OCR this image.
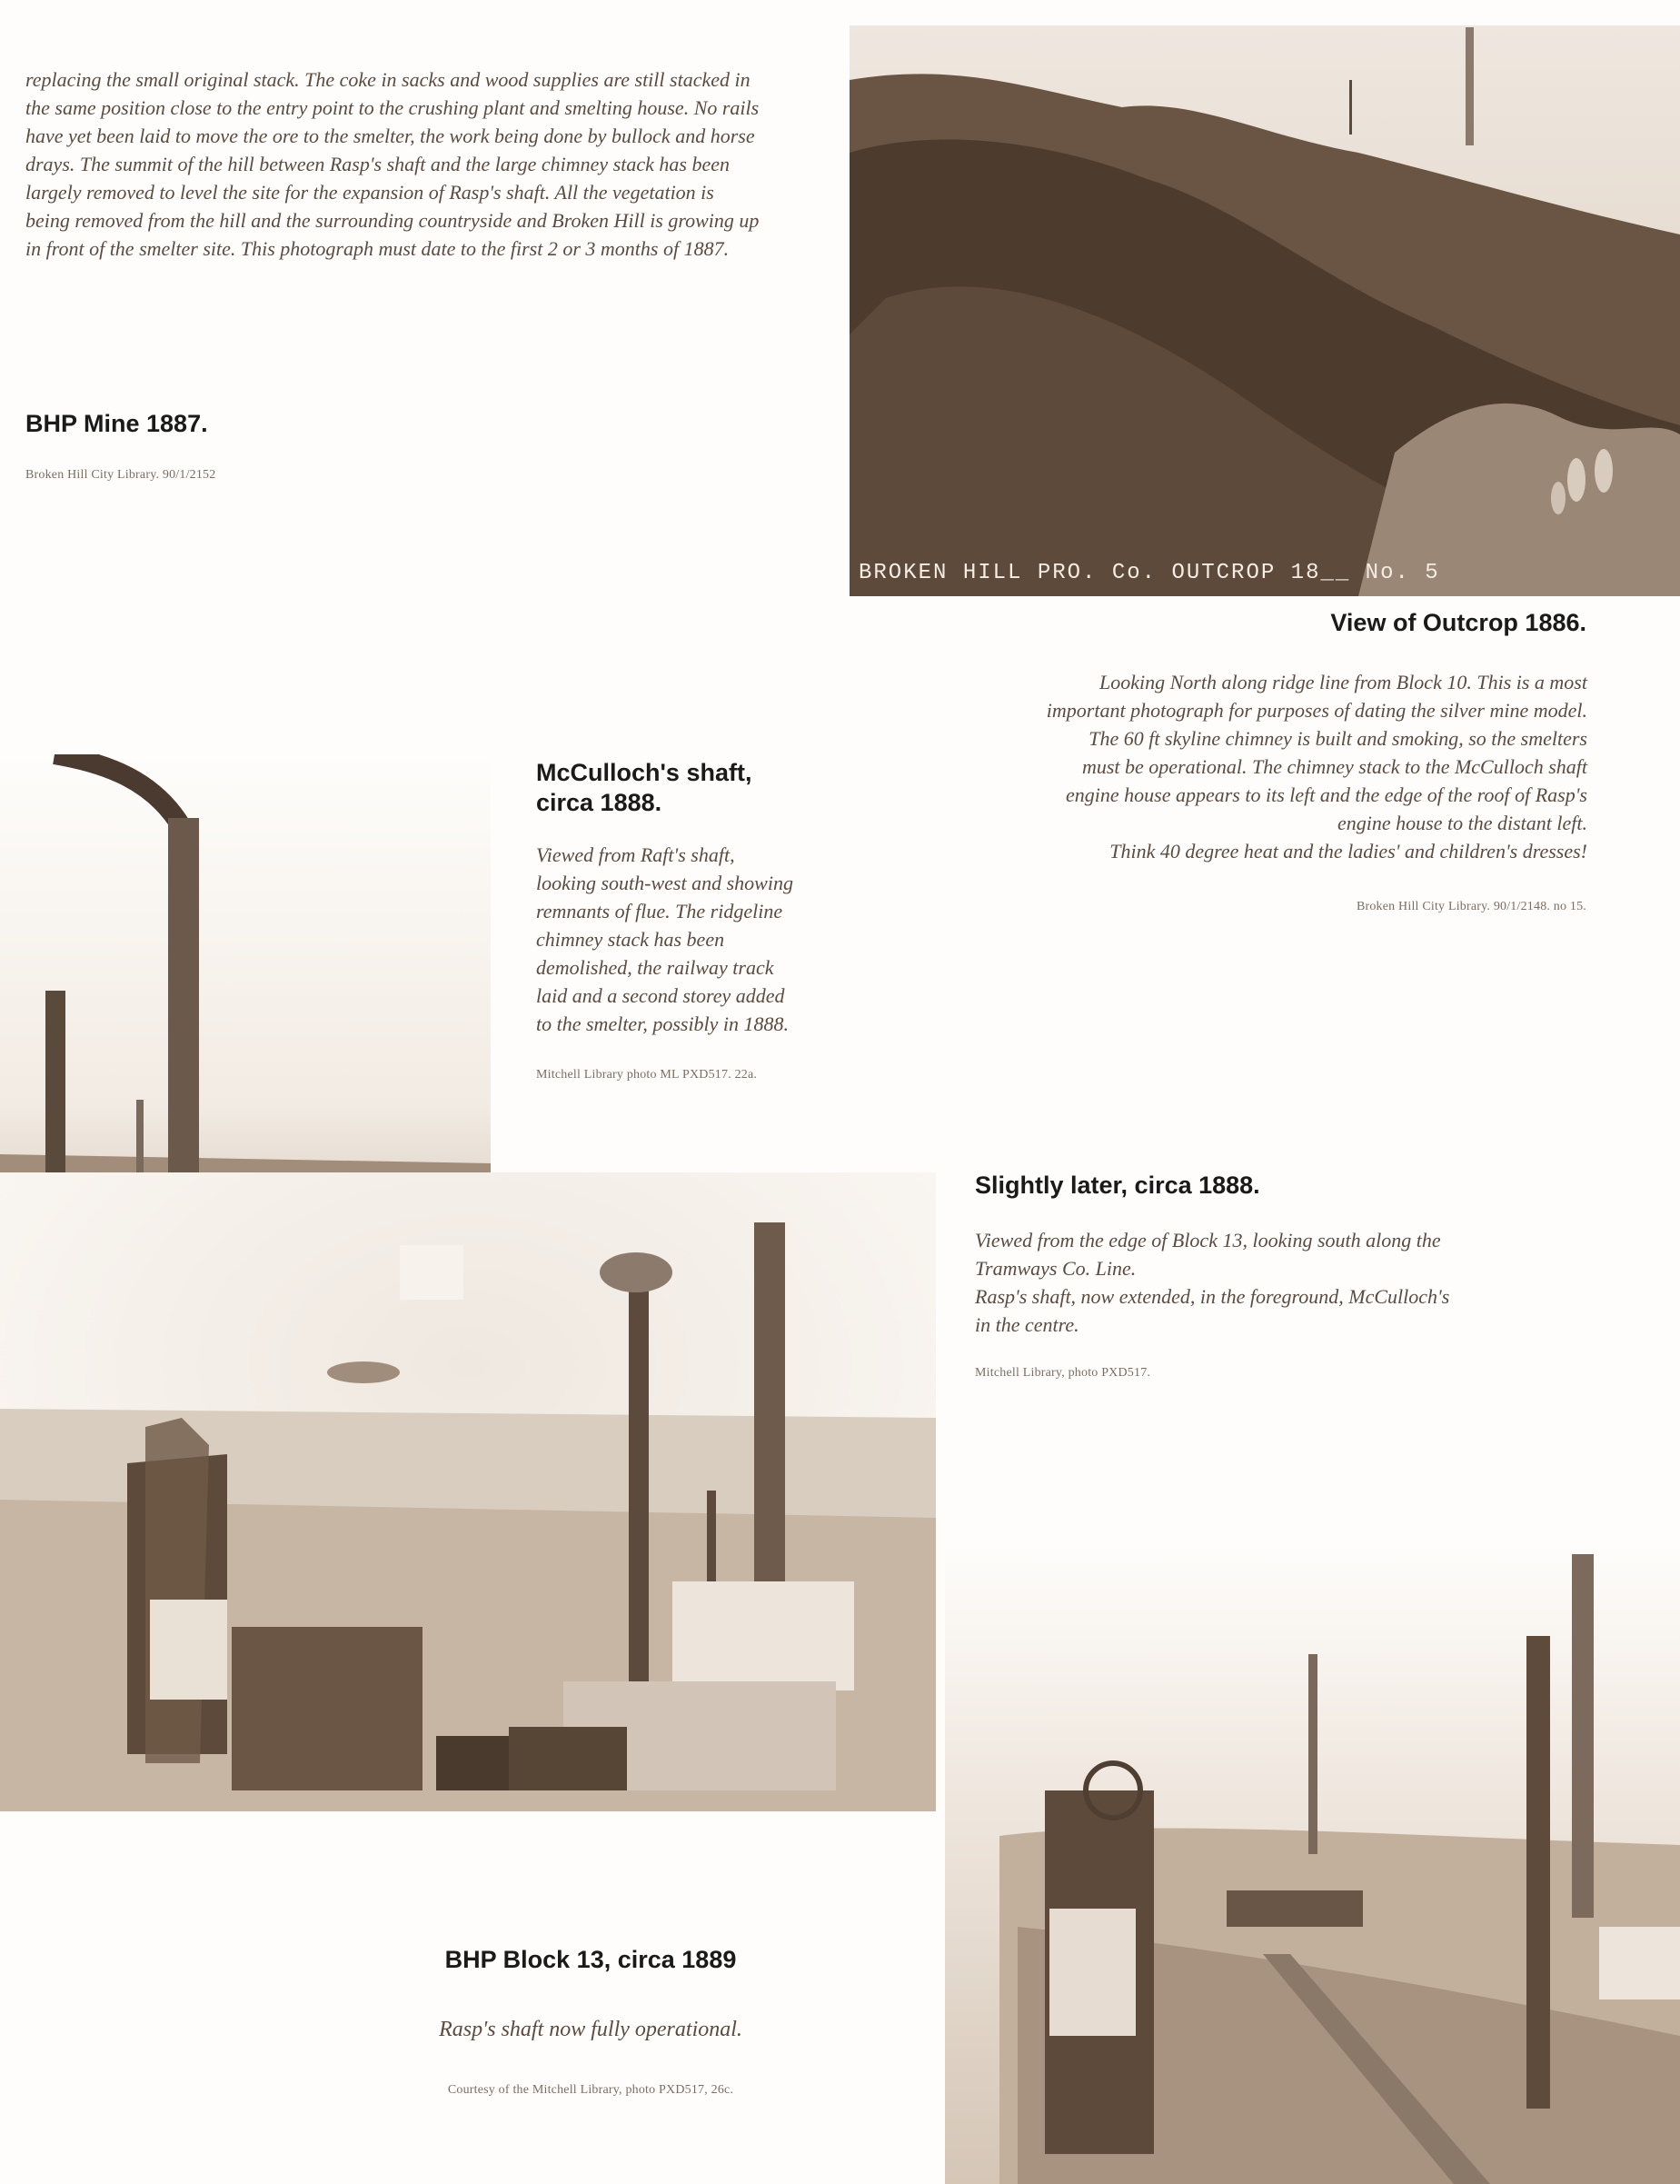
replacing the small original stack. The coke in sacks and wood supplies are still stacked in the same position close to the entry point to the crushing plant and smelting house. No rails have yet been laid to move the ore to the smelter, the work being done by bullock and horse drays. The summit of the hill between Rasp's shaft and the large chimney stack has been largely removed to level the site for the expansion of Rasp's shaft. All the vegetation is being removed from the hill and the surrounding countryside and Broken Hill is growing up in front of the smelter site. This photograph must date to the first 2 or 3 months of 1887.

BHP Mine 1887.

Broken Hill City Library. 90/1/2152

BROKEN HILL PRO. Co. OUTCROP 18__ No. 5

View of Outcrop 1886.

Looking North along ridge line from Block 10. This is a most

important photograph for purposes of dating the silver mine model.

The 60 ft skyline chimney is built and smoking, so the smelters

must be operational. The chimney stack to the McCulloch shaft

engine house appears to its left and the edge of the roof of Rasp's

engine house to the distant left.

Think 40 degree heat and the ladies' and children's dresses!

Broken Hill City Library. 90/1/2148. no 15.

McCulloch's shaft,
circa 1888.

Viewed from Raft's shaft,

looking south-west and showing

remnants of flue. The ridgeline

chimney stack has been

demolished, the railway track

laid and a second storey added

to the smelter, possibly in 1888.

Mitchell Library photo ML PXD517. 22a.

Slightly later, circa 1888.

Viewed from the edge of Block 13, looking south along the

Tramways Co. Line.

Rasp's shaft, now extended, in the foreground, McCulloch's

in the centre.

Mitchell Library, photo PXD517.

BHP Block 13, circa 1889

Rasp's shaft now fully operational.

Courtesy of the Mitchell Library, photo PXD517, 26c.
